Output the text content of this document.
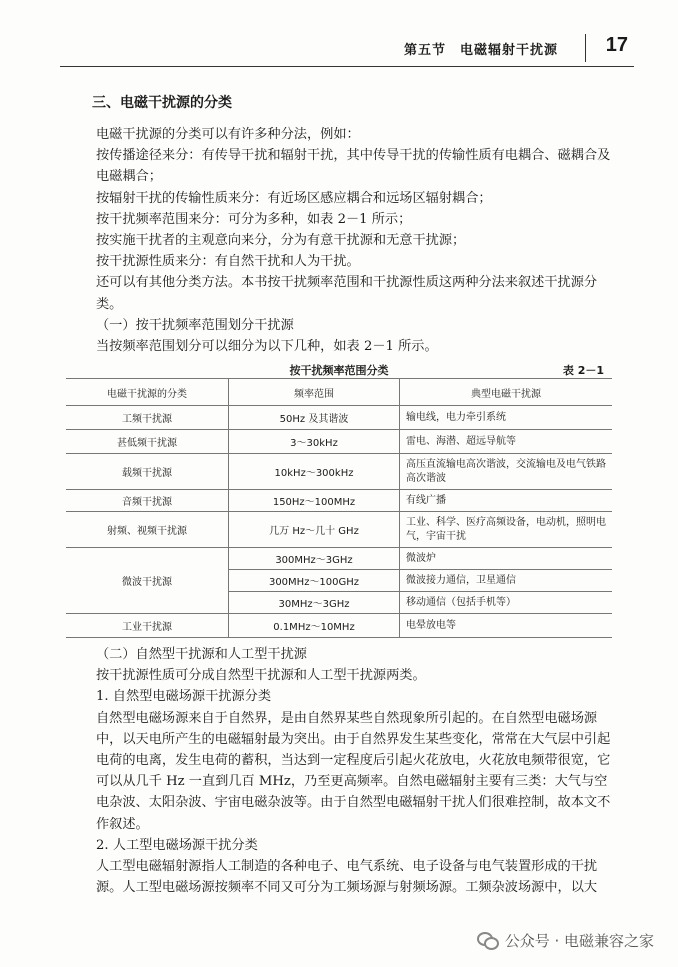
第五节　电磁辐射干扰源 17
三、电磁干扰源的分类

电磁干扰源的分类可以有许多种分法，例如：

按传播途径来分：有传导干扰和辐射干扰，其中传导干扰的传输性质有电耦合、磁耦合及电磁耦合；

按辐射干扰的传输性质来分：有近场区感应耦合和远场区辐射耦合；

按干扰频率范围来分：可分为多种，如表 2－1 所示；

按实施干扰者的主观意向来分，分为有意干扰源和无意干扰源；

按干扰源性质来分：有自然干扰和人为干扰。

还可以有其他分类方法。本书按干扰频率范围和干扰源性质这两种分法来叙述干扰源分类。

（一）按干扰频率范围划分干扰源

当按频率范围划分可以细分为以下几种，如表 2－1 所示。

按干扰频率范围分类	表 2－1
电磁干扰源的分类	频率范围	典型电磁干扰源
工频干扰源	50Hz 及其谐波	输电线，电力牵引系统
甚低频干扰源	3～30kHz	雷电、海潜、超远导航等
载频干扰源	10kHz～300kHz	高压直流输电高次谐波，交流输电及电气铁路高次谐波
音频干扰源	150Hz～100MHz	有线广播
射频、视频干扰源	几万 Hz～几十 GHz	工业、科学、医疗高频设备，电动机，照明电气，宇宙干扰
微波干扰源	300MHz～3GHz	微波炉
	300MHz～100GHz	微波接力通信，卫星通信
	30MHz～3GHz	移动通信（包括手机等）
工业干扰源	0.1MHz～10MHz	电晕放电等

（二）自然型干扰源和人工型干扰源

按干扰源性质可分成自然型干扰源和人工型干扰源两类。

1. 自然型电磁场源干扰源分类

自然型电磁场源来自于自然界，是由自然界某些自然现象所引起的。在自然型电磁场源中，以天电所产生的电磁辐射最为突出。由于自然界发生某些变化，常常在大气层中引起电荷的电离，发生电荷的蓄积，当达到一定程度后引起火花放电，火花放电频带很宽，它可以从几千 Hz 一直到几百 MHz，乃至更高频率。自然电磁辐射主要有三类：大气与空电杂波、太阳杂波、宇宙电磁杂波等。由于自然型电磁辐射干扰人们很难控制，故本文不作叙述。

2. 人工型电磁场源干扰分类

人工型电磁辐射源指人工制造的各种电子、电气系统、电子设备与电气装置形成的干扰源。人工型电磁场源按频率不同又可分为工频场源与射频场源。工频杂波场源中，以大

公众号 · 电磁兼容之家
